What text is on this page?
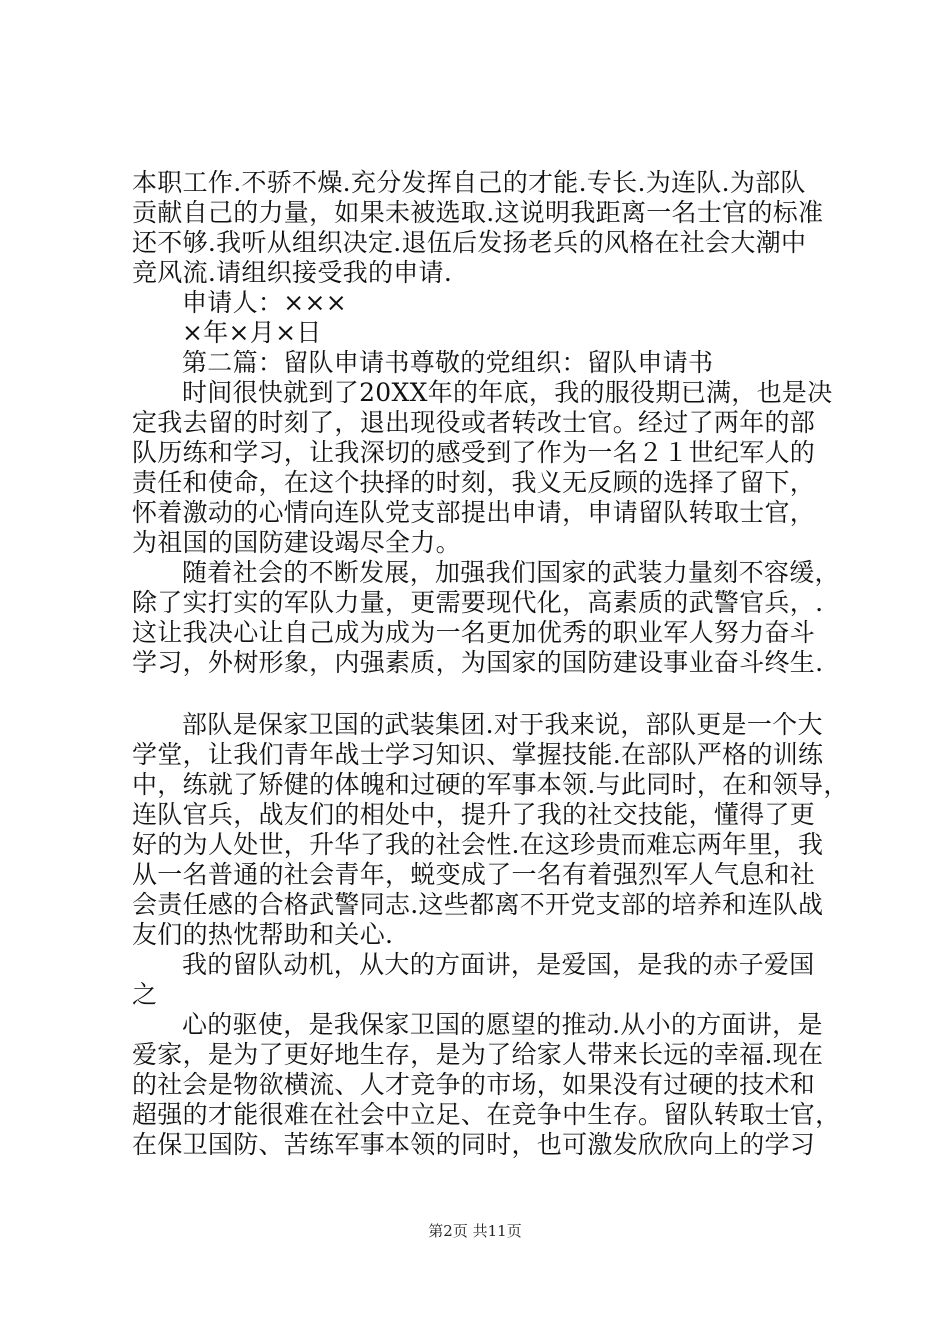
本职工作.不骄不燥.充分发挥自己的才能.专长.为连队.为部队
贡献自己的力量，如果未被选取.这说明我距离一名士官的标准
还不够.我听从组织决定.退伍后发扬老兵的风格在社会大潮中
竞风流.请组织接受我的申请.
申请人：×××
×年×月×日
第二篇：留队申请书尊敬的党组织：留队申请书
时间很快就到了20XX年的年底，我的服役期已满，也是决
定我去留的时刻了，退出现役或者转改士官。经过了两年的部
队历练和学习，让我深切的感受到了作为一名２１世纪军人的
责任和使命，在这个抉择的时刻，我义无反顾的选择了留下，
怀着激动的心情向连队党支部提出申请，申请留队转取士官，
为祖国的国防建设竭尽全力。
随着社会的不断发展，加强我们国家的武装力量刻不容缓，
除了实打实的军队力量，更需要现代化，高素质的武警官兵，.
这让我决心让自己成为成为一名更加优秀的职业军人努力奋斗
学习，外树形象，内强素质，为国家的国防建设事业奋斗终生.
部队是保家卫国的武装集团.对于我来说，部队更是一个大
学堂，让我们青年战士学习知识、掌握技能.在部队严格的训练
中，练就了矫健的体魄和过硬的军事本领.与此同时，在和领导，
连队官兵，战友们的相处中，提升了我的社交技能，懂得了更
好的为人处世，升华了我的社会性.在这珍贵而难忘两年里，我
从一名普通的社会青年，蜕变成了一名有着强烈军人气息和社
会责任感的合格武警同志.这些都离不开党支部的培养和连队战
友们的热忱帮助和关心.
我的留队动机，从大的方面讲，是爱国，是我的赤子爱国
之
心的驱使，是我保家卫国的愿望的推动.从小的方面讲，是
爱家，是为了更好地生存，是为了给家人带来长远的幸福.现在
的社会是物欲横流、人才竞争的市场，如果没有过硬的技术和
超强的才能很难在社会中立足、在竞争中生存。留队转取士官，
在保卫国防、苦练军事本领的同时，也可激发欣欣向上的学习
第2页 共11页
